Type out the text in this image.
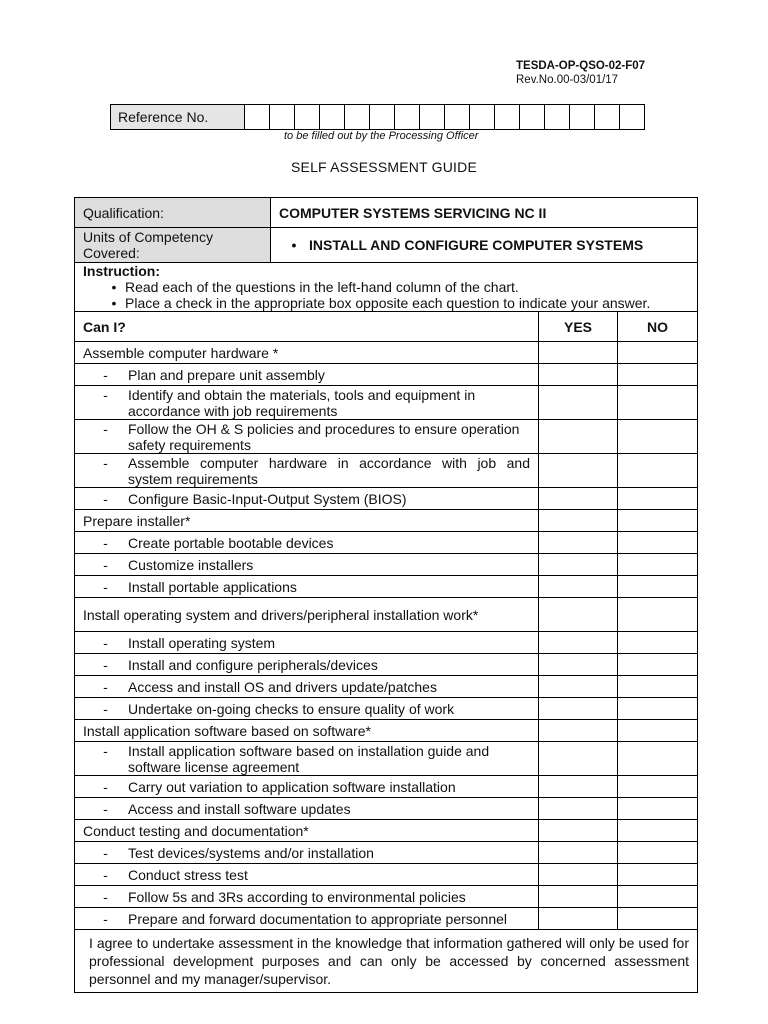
TESDA-OP-QSO-02-F07
Rev.No.00-03/01/17
Reference No.																
to be filled out by the Processing Officer
SELF ASSESSMENT GUIDE
Qualification:	COMPUTER SYSTEMS SERVICING NC II		
Units of Competency Covered:	• INSTALL AND CONFIGURE COMPUTER SYSTEMS		

Instruction:
• Read each of the questions in the left-hand column of the chart.
• Place a check in the appropriate box opposite each question to indicate your answer.			

Can I?		YES	NO
Assemble computer hardware *			

- Plan and prepare unit assembly			

- Identify and obtain the materials, tools and equipment in accordance with job requirements			

- Follow the OH & S policies and procedures to ensure operation safety requirements			

- Assemble computer hardware in accordance with job and system requirements			

- Configure Basic-Input-Output System (BIOS)			

Prepare installer*			

- Create portable bootable devices			

- Customize installers			

- Install portable applications			

Install operating system and drivers/peripheral installation work*			

- Install operating system			

- Install and configure peripherals/devices			

- Access and install OS and drivers update/patches			

- Undertake on-going checks to ensure quality of work			

Install application software based on software*			

- Install application software based on installation guide and software license agreement			

- Carry out variation to application software installation			

- Access and install software updates			

Conduct testing and documentation*			

- Test devices/systems and/or installation			

- Conduct stress test			

- Follow 5s and 3Rs according to environmental policies			

- Prepare and forward documentation to appropriate personnel			

I agree to undertake assessment in the knowledge that information gathered will only be used for professional development purposes and can only be accessed by concerned assessment personnel and my manager/supervisor.			
